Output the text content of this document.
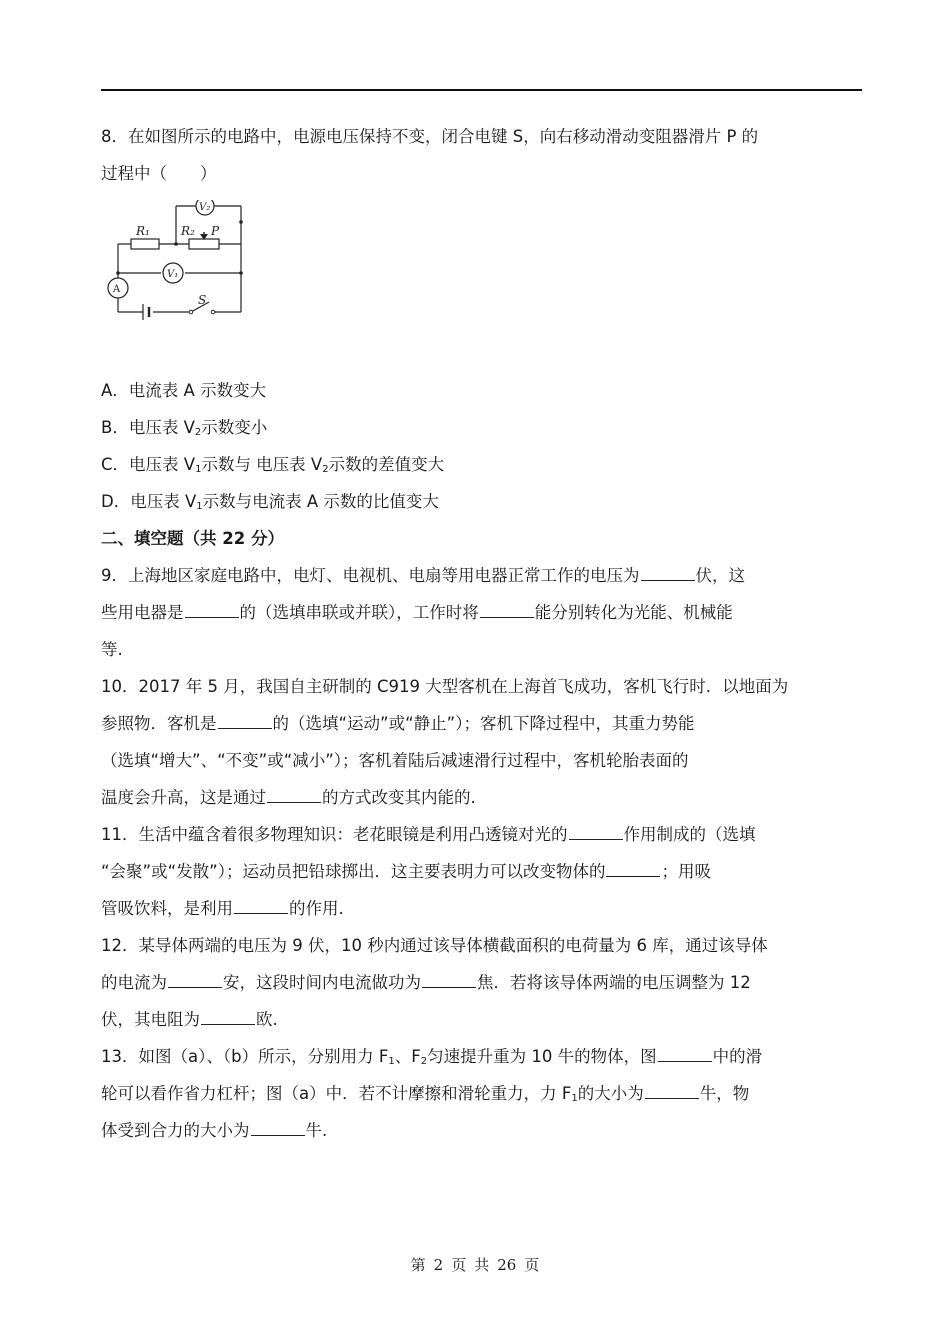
8．在如图所示的电路中，电源电压保持不变，闭合电键 S，向右移动滑动变阻器滑片 P 的
过程中（　　）
V₂
V₁
A
R₁	R₂ P
S
A．电流表 A 示数变大
B．电压表 $V_2$示数变小
C．电压表 $V_1$示数与 电压表 $V_2$示数的差值变大
D．电压表 $V_1$示数与电流表 A 示数的比值变大
二、填空题（共 22 分）
9．上海地区家庭电路中，电灯、电视机、电扇等用电器正常工作的电压为	伏，这
些用电器是	的（选填串联或并联），工作时将	能分别转化为光能、机械能
等.
10．2017 年 5 月，我国自主研制的 C919 大型客机在上海首飞成功，客机飞行时．以地面为
参照物．客机是	的（选填“运动”或“静止”）；客机下降过程中，其重力势能
（选填“增大”、“不变”或“减小”）；客机着陆后减速滑行过程中，客机轮胎表面的
温度会升高，这是通过	的方式改变其内能的.
11．生活中蕴含着很多物理知识：老花眼镜是利用凸透镜对光的	作用制成的（选填
“会聚”或“发散”）；运动员把铅球掷出．这主要表明力可以改变物体的	；用吸
管吸饮料，是利用	的作用.
12．某导体两端的电压为 9 伏，10 秒内通过该导体横截面积的电荷量为 6 库，通过该导体
的电流为	安，这段时间内电流做功为	焦．若将该导体两端的电压调整为 12
伏，其电阻为	欧.
13．如图（a）、（b）所示，分别用力 $F_1$、$F_2$匀速提升重为 10 牛的物体，图	中的滑
轮可以看作省力杠杆；图（a）中．若不计摩擦和滑轮重力，力 $F_1$的大小为	牛，物
体受到合力的大小为	牛.
第 2 页 共 26 页
